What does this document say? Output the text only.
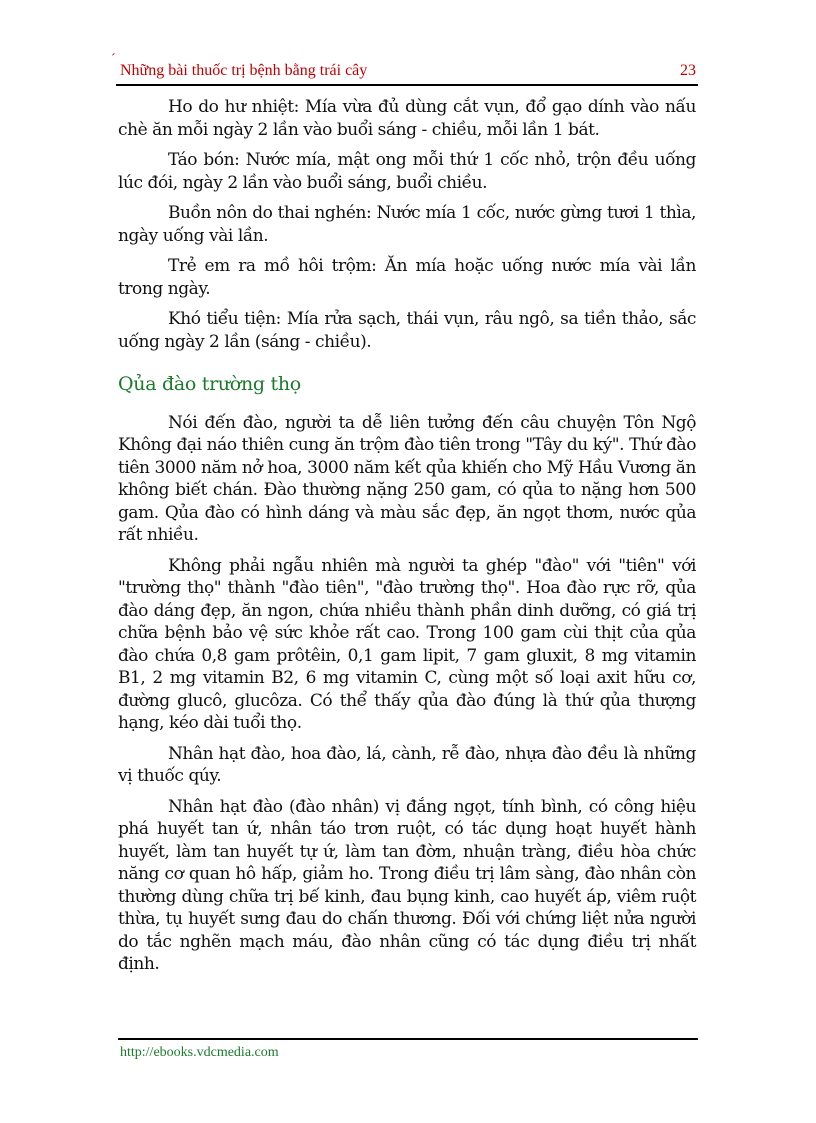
´
Những bài thuốc trị bệnh bằng trái cây	23

Ho do hư nhiệt: Mía vừa đủ dùng cắt vụn, đổ gạo dính vào nấu chè ăn mỗi ngày 2 lần vào buổi sáng - chiều, mỗi lần 1 bát.

Táo bón: Nước mía, mật ong mỗi thứ 1 cốc nhỏ, trộn đều uống lúc đói, ngày 2 lần vào buổi sáng, buổi chiều.

Buồn nôn do thai nghén: Nước mía 1 cốc, nước gừng tươi 1 thìa, ngày uống vài lần.

Trẻ em ra mồ hôi trộm: Ăn mía hoặc uống nước mía vài lần trong ngày.

Khó tiểu tiện: Mía rửa sạch, thái vụn, râu ngô, sa tiền thảo, sắc uống ngày 2 lần (sáng - chiều).

Qủa đào trường thọ

Nói đến đào, người ta dễ liên tưởng đến câu chuyện Tôn Ngộ Không đại náo thiên cung ăn trộm đào tiên trong "Tây du ký". Thứ đào tiên 3000 năm nở hoa, 3000 năm kết qủa khiến cho Mỹ Hầu Vương ăn không biết chán. Đào thường nặng 250 gam, có qủa to nặng hơn 500 gam. Qủa đào có hình dáng và màu sắc đẹp, ăn ngọt thơm, nước qủa rất nhiều.

Không phải ngẫu nhiên mà người ta ghép "đào" với "tiên" với "trường thọ" thành "đào tiên", "đào trường thọ". Hoa đào rực rỡ, qủa đào dáng đẹp, ăn ngon, chứa nhiều thành phần dinh dưỡng, có giá trị chữa bệnh bảo vệ sức khỏe rất cao. Trong 100 gam cùi thịt của qủa đào chứa 0,8 gam prôtêin, 0,1 gam lipit, 7 gam gluxit, 8 mg vitamin B1, 2 mg vitamin B2, 6 mg vitamin C, cùng một số loại axit hữu cơ, đường glucô, glucôza. Có thể thấy qủa đào đúng là thứ qủa thượng hạng, kéo dài tuổi thọ.

Nhân hạt đào, hoa đào, lá, cành, rễ đào, nhựa đào đều là những vị thuốc qúy.

Nhân hạt đào (đào nhân) vị đắng ngọt, tính bình, có công hiệu phá huyết tan ứ, nhân táo trơn ruột, có tác dụng hoạt huyết hành huyết, làm tan huyết tự ứ, làm tan đờm, nhuận tràng, điều hòa chức năng cơ quan hô hấp, giảm ho. Trong điều trị lâm sàng, đào nhân còn thường dùng chữa trị bế kinh, đau bụng kinh, cao huyết áp, viêm ruột thừa, tụ huyết sưng đau do chấn thương. Đối với chứng liệt nửa người do tắc nghẽn mạch máu, đào nhân cũng có tác dụng điều trị nhất định.

http://ebooks.vdcmedia.com
